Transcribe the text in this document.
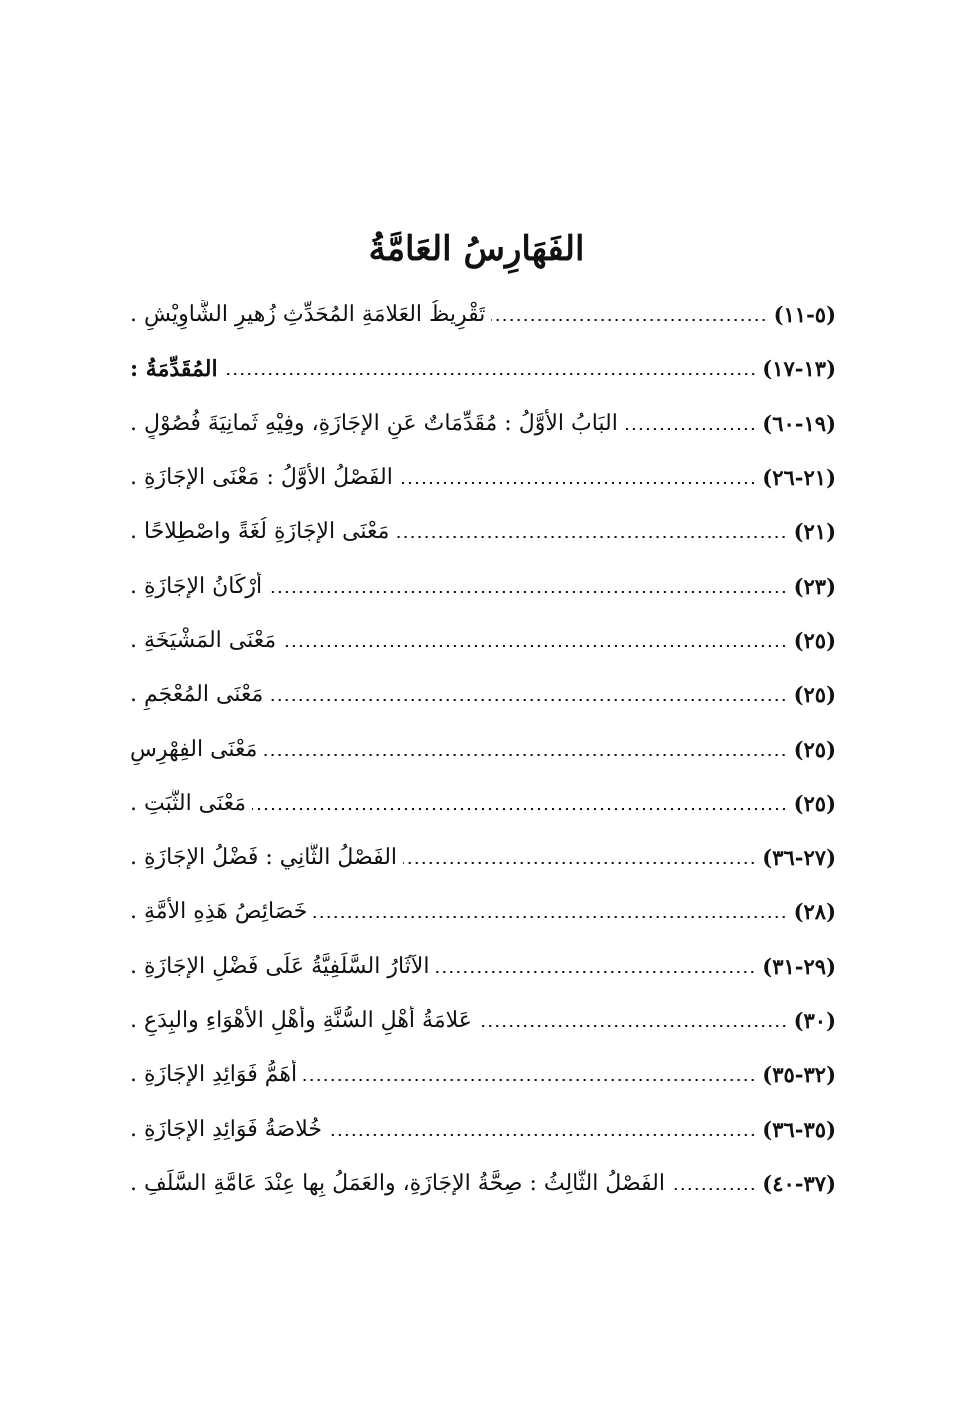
الفَهَارِسُ العَامَّةُ
تَقْرِيظُ العَلامَةِ المُحَدِّثِ زُهيرِ الشَّاوِيْشِ .	(٥-١١)
المُقَدِّمَةُ :	(١٣-١٧)
البَابُ الأَوَّلُ : مُقَدِّمَاتٌ عَنِ الإجَازَةِ، وفِيْهِ ثَمانِيَةَ فُصُوْلٍ .	(١٩-٦٠)
الفَصْلُ الأَوَّلُ : مَعْنَى الإجَازَةِ .	(٢١-٢٦)
مَعْنَى الإجَازَةِ لُغَةً واصْطِلاحًا .	(٢١)
أَرْكَانُ الإجَازَةِ .	(٢٣)
مَعْنَى المَشْيَخَةِ .	(٢٥)
مَعْنَى المُعْجَمِ .	(٢٥)
مَعْنَى الفِهْرِسِ	(٢٥)
مَعْنَى الثَّبَتِ .	(٢٥)
الفَصْلُ الثَّانِي : فَضْلُ الإجَازَةِ .	(٢٧-٣٦)
خَصَائِصُ هَذِهِ الأُمَّةِ .	(٢٨)
الآثَارُ السَّلَفِيَّةُ عَلَى فَضْلِ الإجَازَةِ .	(٢٩-٣١)
عَلامَةُ أهْلِ السُّنَّةِ وأهْلِ الأهْوَاءِ والبِدَعِ .	(٣٠)
أهَمُّ فَوَائِدِ الإجَازَةِ .	(٣٢-٣٥)
خُلاصَةُ فَوَائِدِ الإجَازَةِ .	(٣٥-٣٦)
الفَصْلُ الثَّالِثُ : صِحَّةُ الإجَازَةِ، والعَمَلُ بِها عِنْدَ عَامَّةِ السَّلَفِ .	(٣٧-٤٠)
